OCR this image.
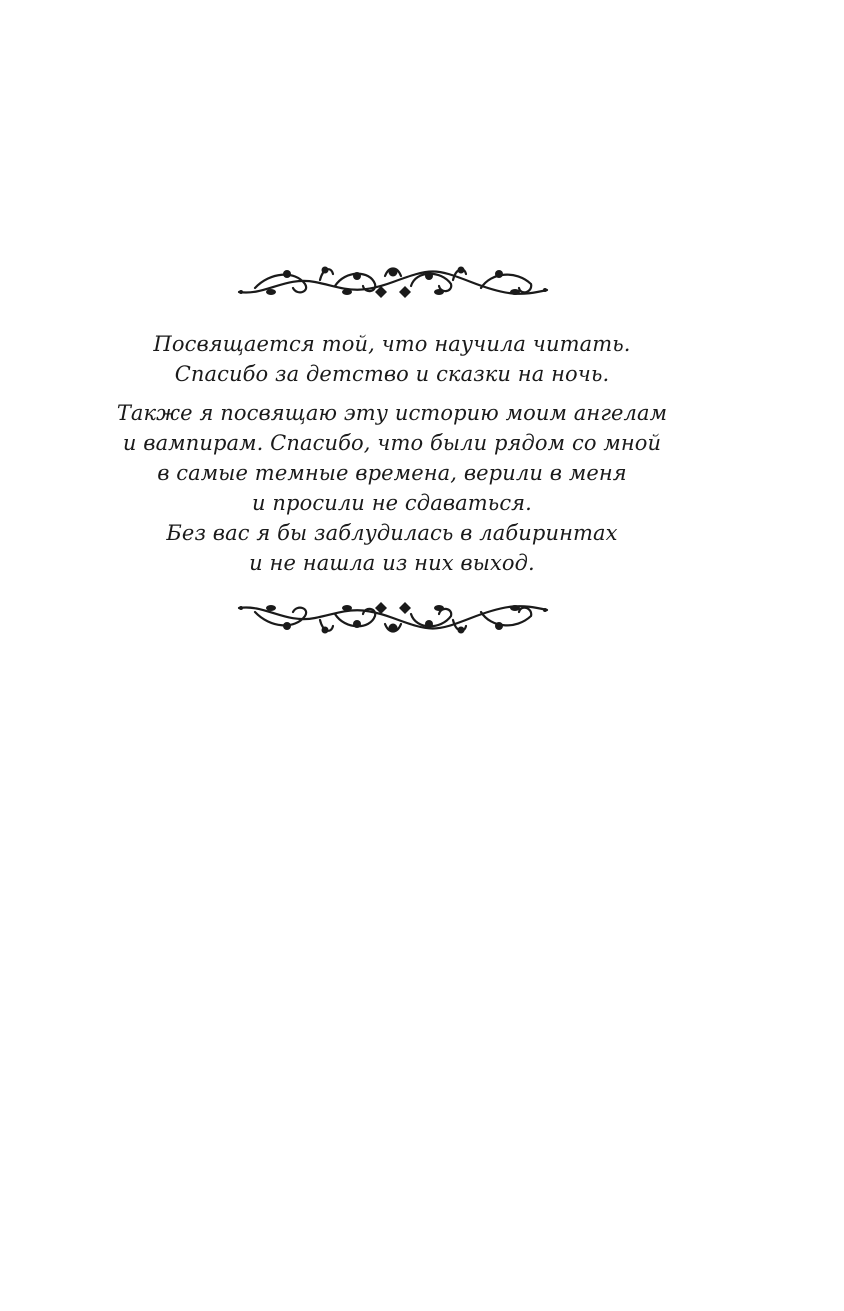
Посвящается той, что научила читать.
Спасибо за детство и сказки на ночь.
Также я посвящаю эту историю моим ангелам
и вампирам. Спасибо, что были рядом со мной
в самые темные времена, верили в меня
и просили не сдаваться.
Без вас я бы заблудилась в лабиринтах
и не нашла из них выход.
